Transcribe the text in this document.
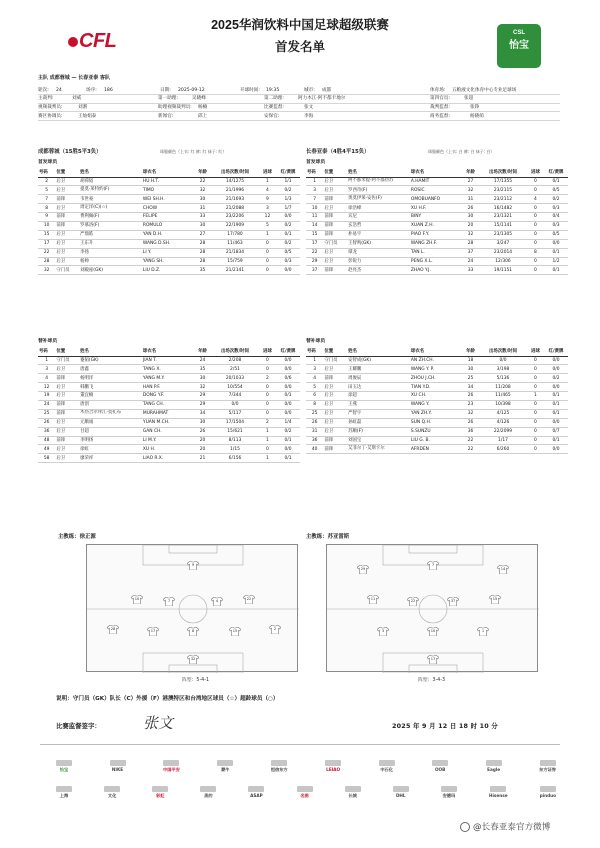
CFL
2025华润饮料中国足球超级联赛
首发名单
CSL
怡宝
主队 成都蓉城 — 长春亚泰 客队
轮次: 24	场序: 186	日期: 2025-09-12	开球时间: 19:35	城市: 成都	体育场: 五粮液文化体育中心专业足球场
主裁判:	刘威	第一助理:	吴晓峰	第二助理:	阿力木江·阿不都卡地尔	第四官员:	张超
视频裁判员:	刘割	助理视频裁判员: 杨楠	比赛监督:	张文	裁判监督:	张铮
赛区协调员:	王灿娟泰	新闻官:	邱上	安保官:	李海	商务监督:	杨晓萌
成都蓉城（15胜5平3负）	球服颜色（上衣: 红 裤: 红 袜子: 红）	长春亚泰（4胜4平15负）	球服颜色（上衣: 白 裤: 白 袜子: 白）
首发球员	首发球员
号码	位置	姓名	球衣名	年龄	出场次数/时间	进球	红/黄牌
2	后卫	胡荷韬	HU H.T.	22	14/1275	1	1/1
5	后卫	提莫·莱特约(F)	TIMO	32	21/1996	4	0/2
7	前锋	韦世豪	WEI SH.H.	30	21/1693	9	1/3
8	后卫	周定洋(C)(☆)	CHOW	31	21/2088	3	1/7
9	前锋	费利佩(F)	FELIPE	33	23/2206	12	0/0
10	前锋	罗慕洛(F)	ROMULO	30	22/1909	5	0/2
15	后卫	严鼎皓	YAN D.H.	27	17/780	1	0/1
17	后卫	王东升	WANG D.SH.	28	11/463	0	0/2
22	后卫	李扬	LI Y.	28	21/1834	0	0/5
28	后卫	杨帅	YANG SH.	28	15/759	0	0/3
32	守门员	刘殿座(GK)	LIU D.Z.	35	21/2141	0	0/0
号码	位置	姓名	球衣名	年龄	出场次数/时间	进球	红/黄牌
1	后卫	阿不都米提·阿不都热苏	A.HAMIT	27	17/1355	0	0/1
3	后卫	罗西奇(F)	ROSIC	32	23/2115	0	0/5
7	前锋	奥莫伊莱·安佐(F)	OMOBUANFO	31	23/2112	4	0/2
10	后卫	徐浩峰	XU H.F.	26	16/1482	0	0/3
11	前锋	宾尼	BINY	30	23/1321	0	0/4
14	前锋	玄浩哲	XUAN Z.H.	20	15/1141	0	0/3
15	前锋	朴易宇	PIAO F.Y.	32	23/1305	0	0/5
17	守门员	王智鸣(GK)	WANG ZH.F.	28	3/247	0	0/0
22	后卫	谭龙	TAN L.	37	23/2014	8	0/1
29	后卫	彭锐力	PENG X.L.	24	12/306	0	1/2
37	前锋	赵亮杰	ZHAO Y.J.	33	19/1151	0	0/1
替补球员	替补球员
号码	位置	姓名	球衣名	年龄	出场次数/时间	进球	红/黄牌
1	守门员	蹇韬(GK)	JIAN T.	24	2/208	0	0/0
3	后卫	唐鑫	TANG X.	35	2/51	0	0/0
4	前锋	杨明洋	YANG M.Y.	30	20/1033	2	0/6
12	后卫	韩鹏飞	HAN P.F.	32	10/554	0	0/0
19	后卫	董宜楠	DONG Y.F.	29	7/344	0	0/1
24	前锋	唐创	TANG CH.	29	0/0	0	0/0
25	前锋	木热合尔拜江·莫扎布	MURAHMAT	34	5/117	0	0/0
26	后卫	元顺诚	YUAN M.CH.	30	17/1504	2	1/4
36	后卫	甘超	GAN CH.	26	15/621	1	0/2
48	前锋	李明扬	LI M.Y.	20	8/113	1	0/1
49	后卫	徐虹	XU H.	20	1/15	0	0/0
58	后卫	廖荣祥	LIAO R.X.	21	6/156	1	0/1
号码	位置	姓名	球衣名	年龄	出场次数/时间	进球	红/黄牌
1	守门员	安智成(GK)	AN ZH.CH.	18	0/0	0	0/0
3	后卫	王耀鹏	WANG Y. P.	30	3/198	0	0/0
4	前锋	周俊辰	ZHOU J.CH.	25	5/136	0	0/2
5	后卫	田玉达	TIAN Y.D.	34	11/208	0	0/0
6	后卫	徐超	XU CH.	26	11/465	1	0/1
8	后卫	王燕	WANG Y.	23	10/398	0	0/1
25	后卫	严智宇	YAN ZH.Y.	32	4/125	0	0/1
26	后卫	孙虹磊	SUN Q.H.	26	4/126	0	0/0
31	后卫	苏顺(F)	S.SUNZU	36	22/2099	0	0/7
36	前锋	刘国宝	LIU G. B.	22	1/17	0	0/1
40	前锋	艾菲尔丁·艾斯卡尔	AFRDEN	22	6/260	0	0/0
主教练：徐正源	主教练：苏亚雷斯
9
10	7	4	22
28	17	8	15	2
32
7
29	14
11	22	37	15
3	10	1
17
阵型：5-4-1	阵型：3-4-3
说明：守门员（GK）队长（C）外援（F）港澳特区和台湾地区球员（☆）超龄球员（○）
比赛监督签字：	张文	2025 年 9 月 12 日 18 时 10 分
怡宝	NIKE	中国平安	蒙牛	恒信东方	LEIAO	中石化	OOB	Eagle	东方证券
上海	文化	彩虹	美的	ASAP	名图	长城	DHL	安德玛	Hisense	pinduo
@长春亚泰官方微博
